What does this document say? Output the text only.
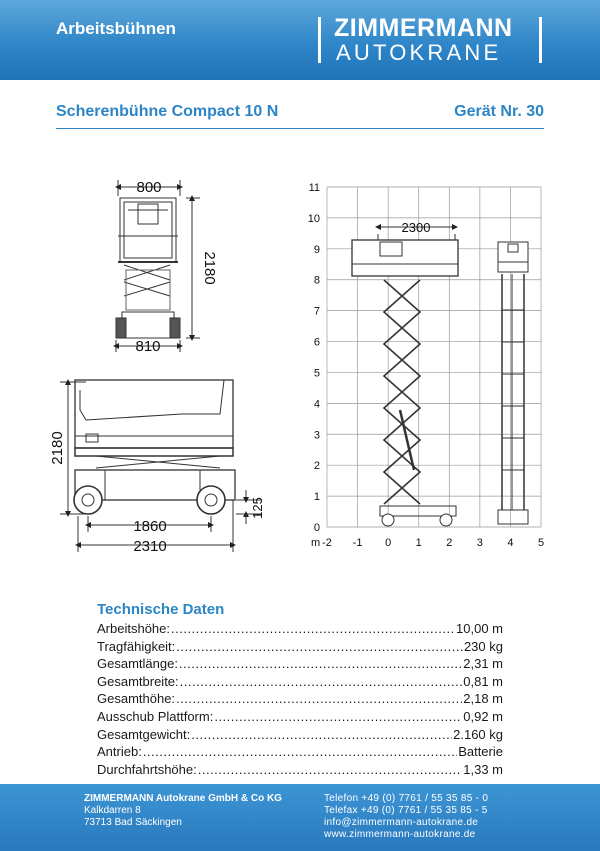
Arbeitsbühnen	ZIMMERMANN
AUTOKRANE
Scherenbühne Compact 10 N	Gerät Nr. 30
800
2180
810
2180
1860
2310
125
0
1
2
3
4
5
6
7
8
9
10
11
-2 -1 0 1 2 3 4 5
m
2300
Technische Daten
Arbeitshöhe: .....	10,00 m
Tragfähigkeit: .....	230 kg
Gesamtlänge: .....	2,31 m
Gesamtbreite: .....	0,81 m
Gesamthöhe: .....	2,18 m
Ausschub Plattform: .....	0,92 m
Gesamtgewicht: .....	2.160 kg
Antrieb: .....	Batterie
Durchfahrtshöhe: .....	1,33 m
ZIMMERMANN Autokrane GmbH & Co KG
Kalkdarren 8
73713 Bad Säckingen
Telefon +49 (0) 7761 / 55 35 85 - 0
Telefax +49 (0) 7761 / 55 35 85 - 5
info@zimmermann-autokrane.de
www.zimmermann-autokrane.de
